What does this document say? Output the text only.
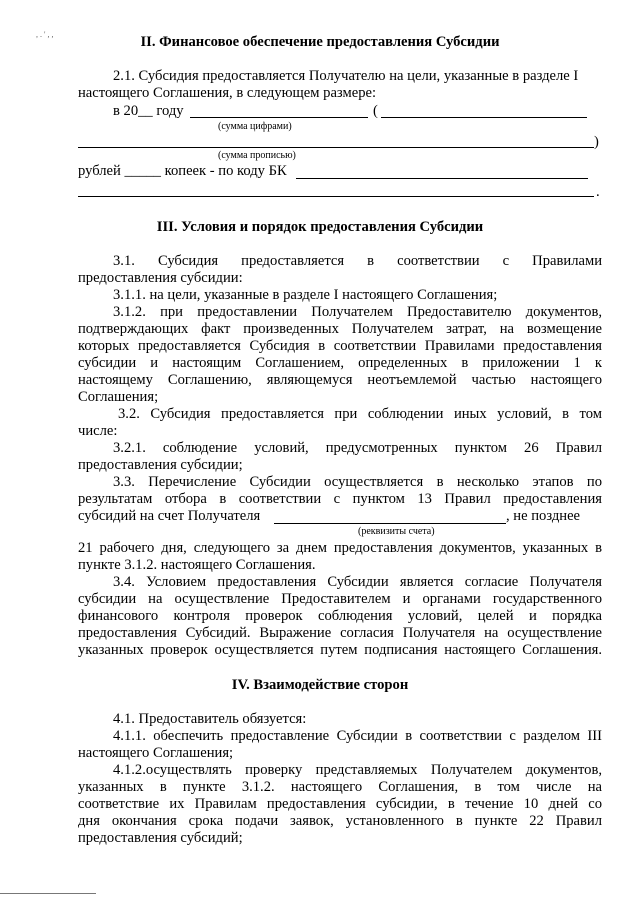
, . ' , ,	II. Финансовое обеспечение предоставления Субсидии
2.1. Субсидия предоставляется Получателю на цели, указанные в разделе I
настоящего Соглашения, в следующем размере:
в 20__ году	(
(сумма цифрами)
)
(сумма прописью)
рублей _____ копеек - по коду БК
.
III. Условия и порядок предоставления Субсидии
3.1. Субсидия предоставляется в соответствии с Правилами
предоставления субсидии:
3.1.1. на цели, указанные в разделе I настоящего Соглашения;
3.1.2. при предоставлении Получателем Предоставителю документов,
подтверждающих факт произведенных Получателем затрат, на возмещение
которых предоставляется Субсидия в соответствии Правилами предоставления
субсидии и настоящим Соглашением, определенных в приложении 1 к
настоящему Соглашению, являющемуся неотъемлемой частью настоящего
Соглашения;
3.2. Субсидия предоставляется при соблюдении иных условий, в том
числе:
3.2.1. соблюдение условий, предусмотренных пунктом 26 Правил
предоставления субсидии;
3.3. Перечисление Субсидии осуществляется в несколько этапов по
результатам отбора в соответствии с пунктом 13 Правил предоставления
субсидий на счет Получателя	, не позднее
(реквизиты счета)
21 рабочего дня, следующего за днем предоставления документов, указанных в
пункте 3.1.2. настоящего Соглашения.
3.4. Условием предоставления Субсидии является согласие Получателя
субсидии на осуществление Предоставителем и органами государственного
финансового контроля проверок соблюдения условий, целей и порядка
предоставления Субсидий. Выражение согласия Получателя на осуществление
указанных проверок осуществляется путем подписания настоящего Соглашения.
IV. Взаимодействие сторон
4.1. Предоставитель обязуется:
4.1.1. обеспечить предоставление Субсидии в соответствии с разделом III
настоящего Соглашения;
4.1.2.осуществлять проверку представляемых Получателем документов,
указанных в пункте 3.1.2. настоящего Соглашения, в том числе на
соответствие их Правилам предоставления субсидии, в течение 10 дней со
дня окончания срока подачи заявок, установленного в пункте 22 Правил
предоставления субсидий;
